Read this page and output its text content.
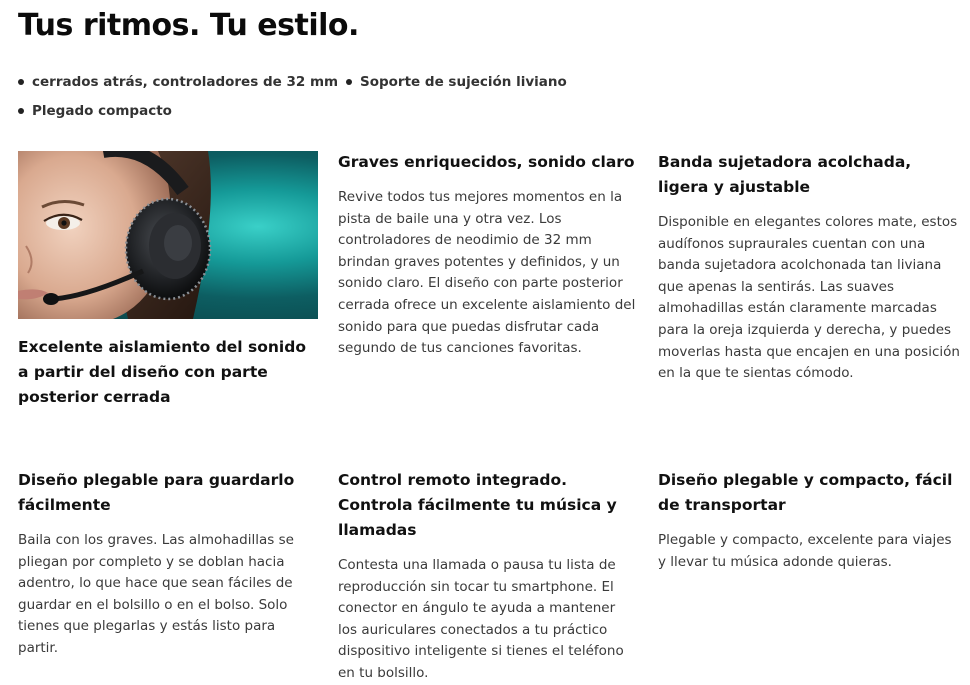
Tus ritmos. Tu estilo.
cerrados atrás, controladores de 32 mm Soporte de sujeción liviano
Plegado compacto
Excelente aislamiento del sonido a partir del diseño con parte posterior cerrada
Graves enriquecidos, sonido claro

Revive todos tus mejores momentos en la pista de baile una y otra vez. Los controladores de neodimio de 32 mm brindan graves potentes y definidos, y un sonido claro. El diseño con parte posterior cerrada ofrece un excelente aislamiento del sonido para que puedas disfrutar cada segundo de tus canciones favoritas.

Banda sujetadora acolchada, ligera y ajustable

Disponible en elegantes colores mate, estos audífonos supraurales cuentan con una banda sujetadora acolchonada tan liviana que apenas la sentirás. Las suaves almohadillas están claramente marcadas para la oreja izquierda y derecha, y puedes moverlas hasta que encajen en una posición en la que te sientas cómodo.

Diseño plegable para guardarlo fácilmente

Baila con los graves. Las almohadillas se pliegan por completo y se doblan hacia adentro, lo que hace que sean fáciles de guardar en el bolsillo o en el bolso. Solo tienes que plegarlas y estás listo para partir.

Control remoto integrado. Controla fácilmente tu música y llamadas

Contesta una llamada o pausa tu lista de reproducción sin tocar tu smartphone. El conector en ángulo te ayuda a mantener los auriculares conectados a tu práctico dispositivo inteligente si tienes el teléfono en tu bolsillo.

Diseño plegable y compacto, fácil de transportar

Plegable y compacto, excelente para viajes y llevar tu música adonde quieras.
